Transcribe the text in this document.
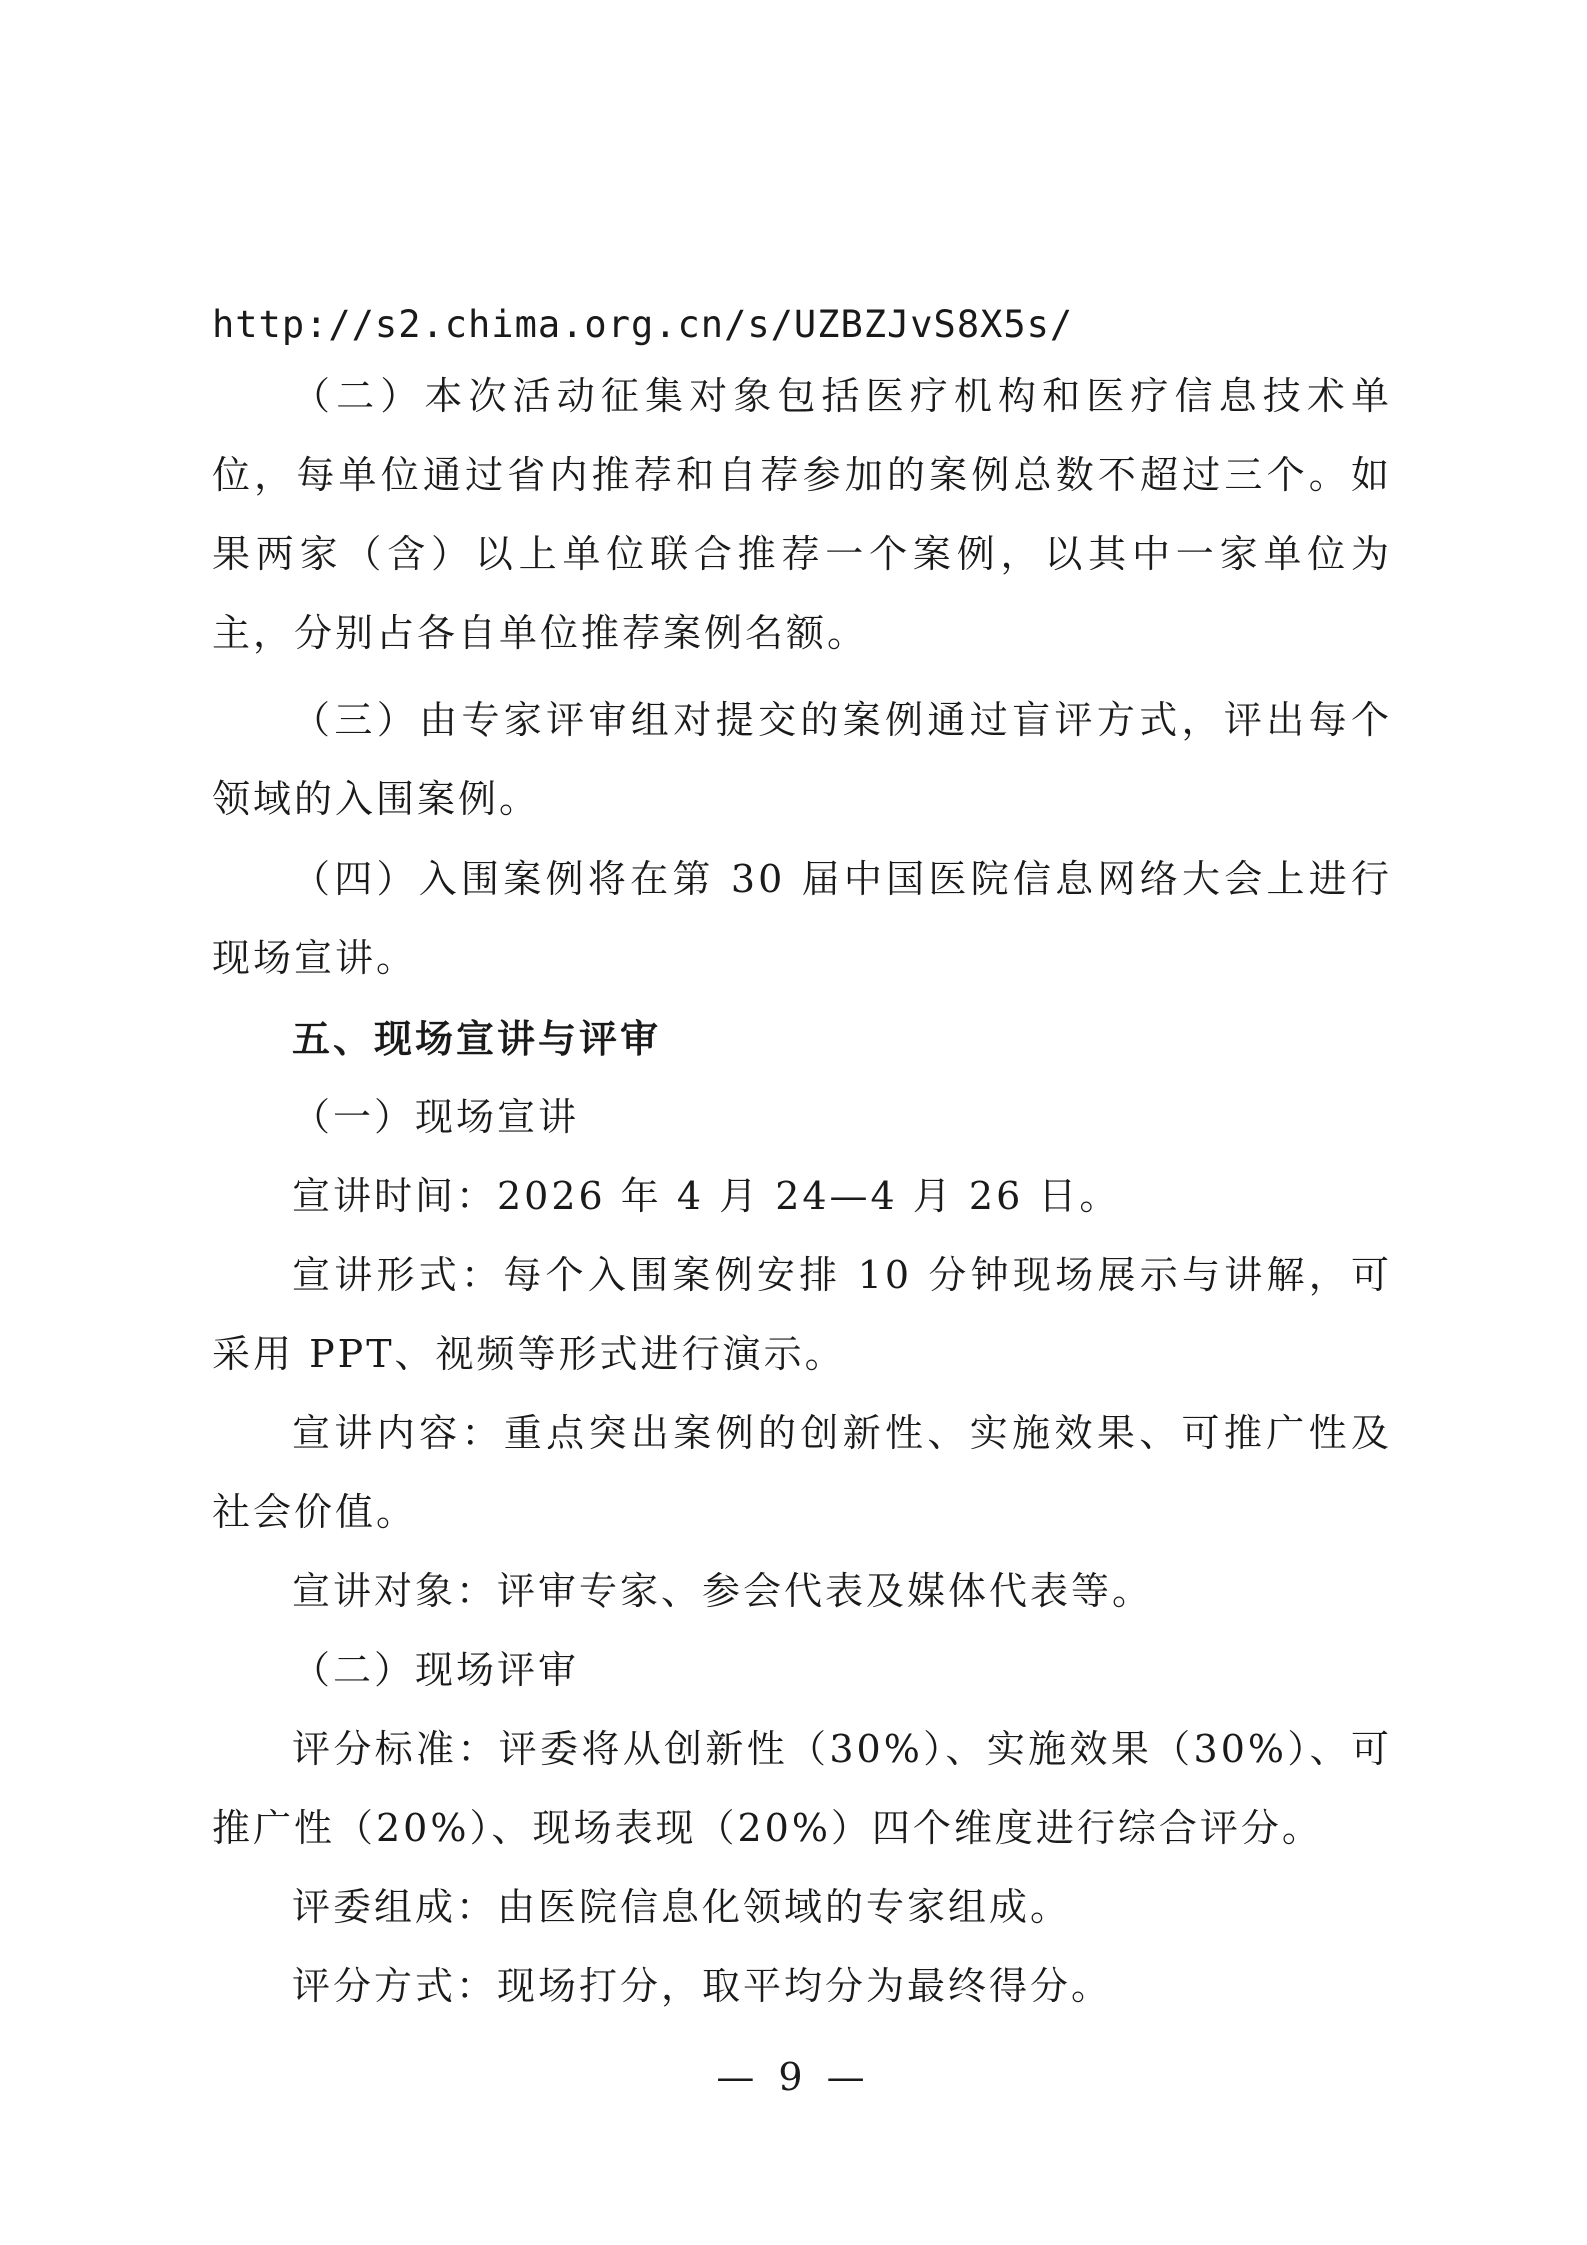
http://s2.chima.org.cn/s/UZBZJvS8X5s/

（二）本次活动征集对象包括医疗机构和医疗信息技术单位，每单位通过省内推荐和自荐参加的案例总数不超过三个。如果两家（含）以上单位联合推荐一个案例，以其中一家单位为主，分别占各自单位推荐案例名额。

（三）由专家评审组对提交的案例通过盲评方式，评出每个领域的入围案例。

（四）入围案例将在第 30 届中国医院信息网络大会上进行现场宣讲。

五、现场宣讲与评审

（一）现场宣讲

宣讲时间：2026 年 4 月 24—4 月 26 日。

宣讲形式：每个入围案例安排 10 分钟现场展示与讲解，可采用 PPT、视频等形式进行演示。

宣讲内容：重点突出案例的创新性、实施效果、可推广性及社会价值。

宣讲对象：评审专家、参会代表及媒体代表等。

（二）现场评审

评分标准：评委将从创新性（30%）、实施效果（30%）、可推广性（20%）、现场表现（20%）四个维度进行综合评分。

评委组成：由医院信息化领域的专家组成。

评分方式：现场打分，取平均分为最终得分。

— 9 —
